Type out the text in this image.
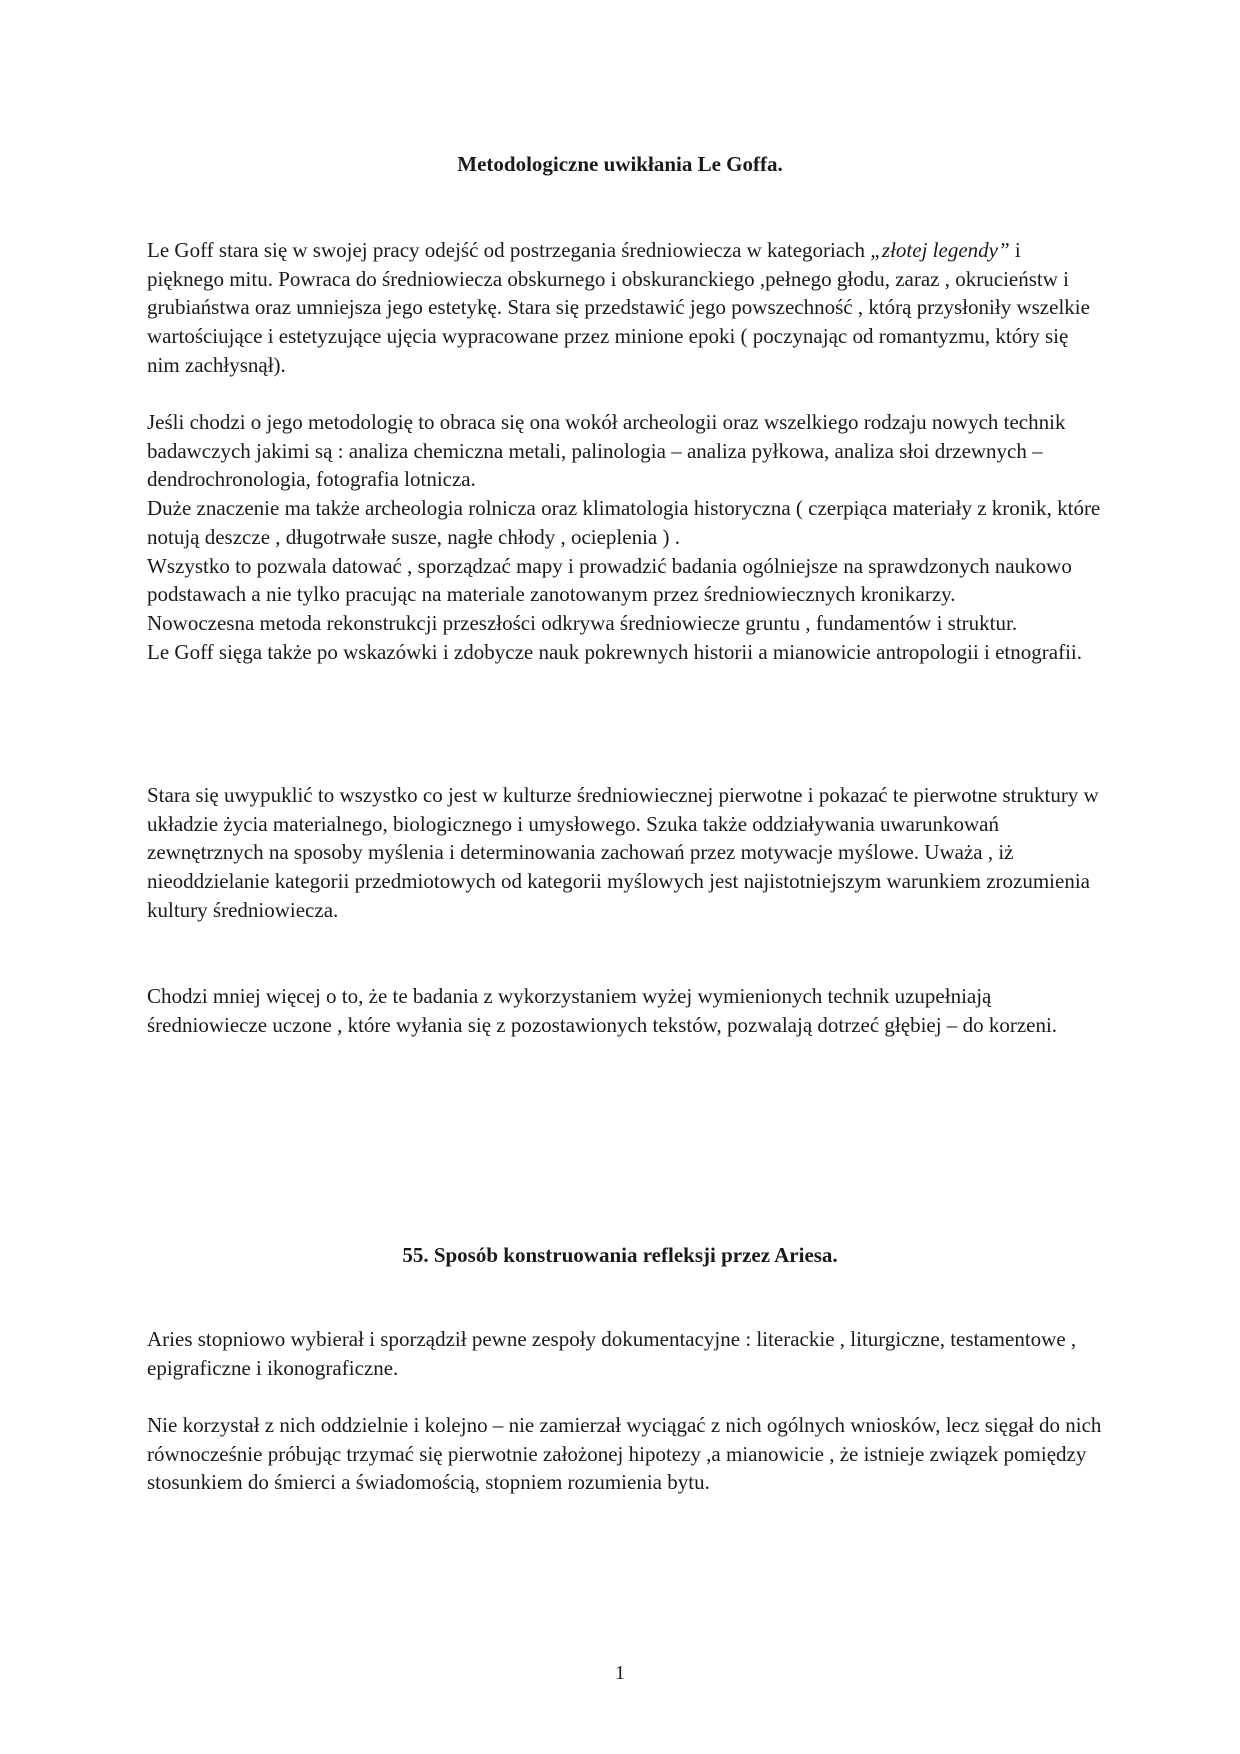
Metodologiczne uwikłania Le Goffa.

Le Goff stara się w swojej pracy odejść od postrzegania średniowiecza w kategoriach „złotej legendy” i pięknego mitu. Powraca do średniowiecza obskurnego i obskuranckiego ,pełnego głodu, zaraz , okrucieństw i grubiaństwa oraz umniejsza jego estetykę. Stara się przedstawić jego powszechność , którą przysłoniły wszelkie wartościujące i estetyzujące ujęcia wypracowane przez minione epoki ( poczynając od romantyzmu, który się nim zachłysnął).

Jeśli chodzi o jego metodologię to obraca się ona wokół archeologii oraz wszelkiego rodzaju nowych technik badawczych jakimi są : analiza chemiczna metali, palinologia – analiza pyłkowa, analiza słoi drzewnych – dendrochronologia, fotografia lotnicza.

Duże znaczenie ma także archeologia rolnicza oraz klimatologia historyczna ( czerpiąca materiały z kronik, które notują deszcze , długotrwałe susze, nagłe chłody , ocieplenia ) .

Wszystko to pozwala datować , sporządzać mapy i prowadzić badania ogólniejsze na sprawdzonych naukowo podstawach a nie tylko pracując na materiale zanotowanym przez średniowiecznych kronikarzy.

Nowoczesna metoda rekonstrukcji przeszłości odkrywa średniowiecze gruntu , fundamentów i struktur.

Le Goff sięga także po wskazówki i zdobycze nauk pokrewnych historii a mianowicie antropologii i etnografii.

Stara się uwypuklić to wszystko co jest w kulturze średniowiecznej pierwotne i pokazać te pierwotne struktury w układzie życia materialnego, biologicznego i umysłowego. Szuka także oddziaływania uwarunkowań zewnętrznych na sposoby myślenia i determinowania zachowań przez motywacje myślowe. Uważa , iż nieoddzielanie kategorii przedmiotowych od kategorii myślowych jest najistotniejszym warunkiem zrozumienia kultury średniowiecza.

Chodzi mniej więcej o to, że te badania z wykorzystaniem wyżej wymienionych technik uzupełniają średniowiecze uczone , które wyłania się z pozostawionych tekstów, pozwalają dotrzeć głębiej – do korzeni.

55. Sposób konstruowania refleksji przez Ariesa.

Aries stopniowo wybierał i sporządził pewne zespoły dokumentacyjne : literackie , liturgiczne, testamentowe , epigraficzne i ikonograficzne.

Nie korzystał z nich oddzielnie i kolejno – nie zamierzał wyciągać z nich ogólnych wniosków, lecz sięgał do nich równocześnie próbując trzymać się pierwotnie założonej hipotezy ,a mianowicie , że istnieje związek pomiędzy stosunkiem do śmierci a świadomością, stopniem rozumienia bytu.

1
